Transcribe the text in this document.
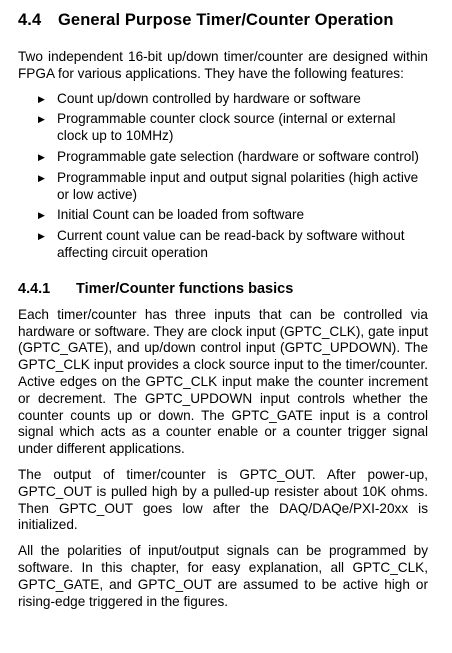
4.4	General Purpose Timer/Counter Operation

Two independent 16-bit up/down timer/counter are designed within FPGA for various applications. They have the following features:

▶ Count up/down controlled by hardware or software
▶ Programmable counter clock source (internal or external clock up to 10MHz)
▶ Programmable gate selection (hardware or software control)
▶ Programmable input and output signal polarities (high active or low active)
▶ Initial Count can be loaded from software
▶ Current count value can be read-back by software without affecting circuit operation
4.4.1	Timer/Counter functions basics

Each timer/counter has three inputs that can be controlled via hardware or software. They are clock input (GPTC_CLK), gate input (GPTC_GATE), and up/down control input (GPTC_UPDOWN). The GPTC_CLK input provides a clock source input to the timer/counter. Active edges on the GPTC_CLK input make the counter increment or decrement. The GPTC_UPDOWN input controls whether the counter counts up or down. The GPTC_GATE input is a control signal which acts as a counter enable or a counter trigger signal under different applications.

The output of timer/counter is GPTC_OUT. After power-up, GPTC_OUT is pulled high by a pulled-up resister about 10K ohms. Then GPTC_OUT goes low after the DAQ/DAQe/PXI-20xx is initialized.

All the polarities of input/output signals can be programmed by software. In this chapter, for easy explanation, all GPTC_CLK, GPTC_GATE, and GPTC_OUT are assumed to be active high or rising-edge triggered in the figures.
